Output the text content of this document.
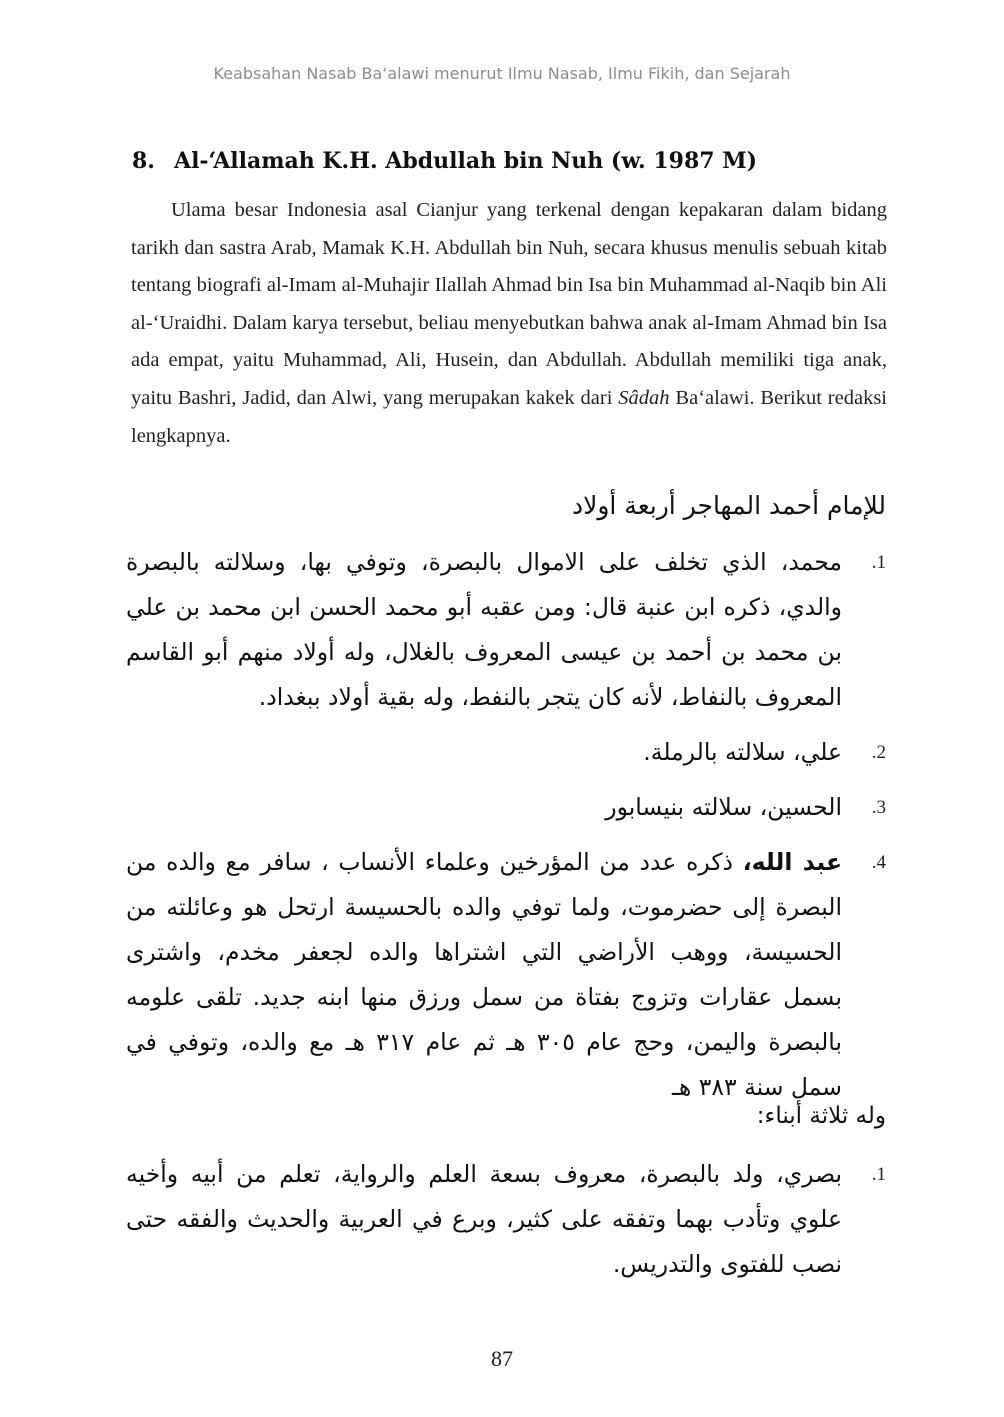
Keabsahan Nasab Ba‘alawi menurut Ilmu Nasab, Ilmu Fikih, dan Sejarah
8. Al-‘Allamah K.H. Abdullah bin Nuh (w. 1987 M)

Ulama besar Indonesia asal Cianjur yang terkenal dengan kepakaran dalam bidang tarikh dan sastra Arab, Mamak K.H. Abdullah bin Nuh, secara khusus menulis sebuah kitab tentang biografi al-Imam al-Muhajir Ilallah Ahmad bin Isa bin Muhammad al-Naqib bin Ali al-‘Uraidhi. Dalam karya tersebut, beliau menyebutkan bahwa anak al-Imam Ahmad bin Isa ada empat, yaitu Muhammad, Ali, Husein, dan Abdullah. Abdullah memiliki tiga anak, yaitu Bashri, Jadid, dan Alwi, yang merupakan kakek dari Sâdah Ba‘alawi. Berikut redaksi lengkapnya.

للإمام أحمد المهاجر أربعة أولاد
1.
محمد، الذي تخلف على الاموال بالبصرة، وتوفي بها، وسلالته بالبصرة والدي، ذكره ابن عنبة قال: ومن عقبه أبو محمد الحسن ابن محمد بن علي بن محمد بن أحمد بن عيسى المعروف بالغلال، وله أولاد منهم أبو القاسم المعروف بالنفاط، لأنه كان يتجر بالنفط، وله بقية أولاد ببغداد.
2.
علي، سلالته بالرملة.
3.
الحسين، سلالته بنيسابور
4.
عبد الله، ذكره عدد من المؤرخين وعلماء الأنساب ، سافر مع والده من البصرة إلى حضرموت، ولما توفي والده بالحسيسة ارتحل هو وعائلته من الحسيسة، ووهب الأراضي التي اشتراها والده لجعفر مخدم، واشترى بسمل عقارات وتزوج بفتاة من سمل ورزق منها ابنه جديد. تلقى علومه بالبصرة واليمن، وحج عام ٣٠٥ هـ ثم عام ٣١٧ هـ مع والده، وتوفي في سمل سنة ٣٨٣ هـ
وله ثلاثة أبناء:
1.
بصري، ولد بالبصرة، معروف بسعة العلم والرواية، تعلم من أبيه وأخيه علوي وتأدب بهما وتفقه على كثير، وبرع في العربية والحديث والفقه حتى نصب للفتوى والتدريس.
87
